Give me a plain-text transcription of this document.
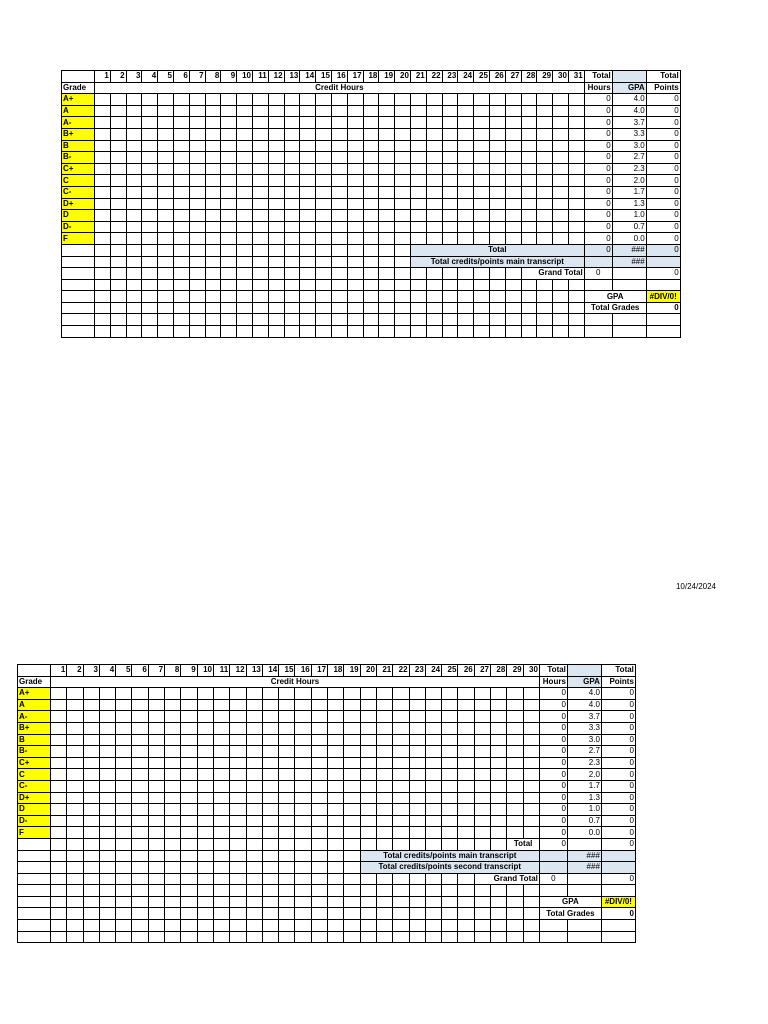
	1	2	3	4	5	6	7	8	9	10	11	12	13	14	15	16	17	18	19	20	21	22	23	24	25	26	27	28	29	30	31	Total		Total
Grade	Credit Hours																															Hours	GPA	Points
A+																																0	4.0	0
A																																0	4.0	0
A-																																0	3.7	0
B+																																0	3.3	0
B																																0	3.0	0
B-																																0	2.7	0
C+																																0	2.3	0
C																																0	2.0	0
C-																																0	1.7	0
D+																																0	1.3	0
D																																0	1.0	0
D-																																0	0.7	0
F																																0	0.0	0
																					Total											0	###	0
																					Total credits/points main transcript												###	
																												Grand Total				0		0

																																GPA		#DIV/0!
																																Total Grades		0

10/24/2024
	1	2	3	4	5	6	7	8	9	10	11	12	13	14	15	16	17	18	19	20	21	22	23	24	25	26	27	28	29	30	Total		Total
Grade	Credit Hours																														Hours	GPA	Points
A+																															0	4.0	0
A																															0	4.0	0
A-																															0	3.7	0
B+																															0	3.3	0
B																															0	3.0	0
B-																															0	2.7	0
C+																															0	2.3	0
C																															0	2.0	0
C-																															0	1.7	0
D+																															0	1.3	0
D																															0	1.0	0
D-																															0	0.7	0
F																															0	0.0	0
																													Total		0		0
																				Total credits/points main transcript												###	
																				Total credits/points second transcript												###	
																											Grand Total				0		0

																															GPA		#DIV/0!
																															Total Grades		0
